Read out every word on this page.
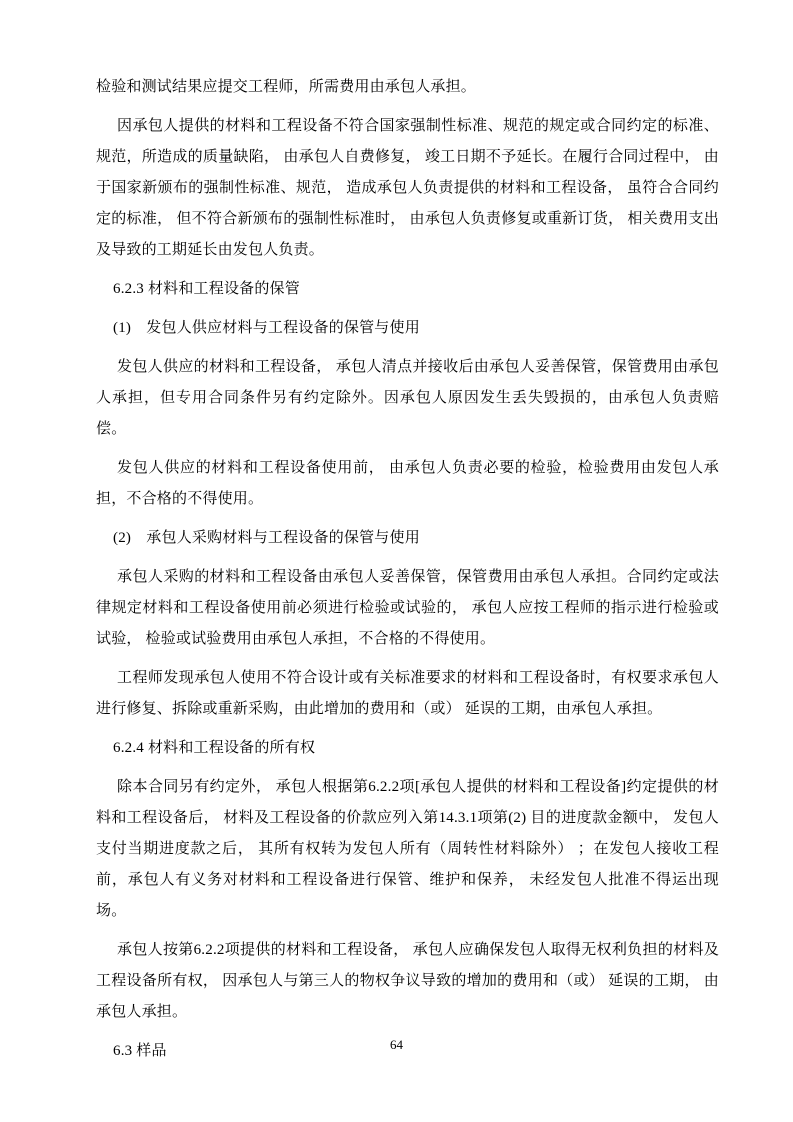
检验和测试结果应提交工程师，所需费用由承包人承担。

因承包人提供的材料和工程设备不符合国家强制性标准、规范的规定或合同约定的标准、规范，所造成的质量缺陷， 由承包人自费修复， 竣工日期不予延长。在履行合同过程中， 由于国家新颁布的强制性标准、规范， 造成承包人负责提供的材料和工程设备， 虽符合合同约定的标准， 但不符合新颁布的强制性标准时， 由承包人负责修复或重新订货， 相关费用支出及导致的工期延长由发包人负责。

6.2.3 材料和工程设备的保管

(1)　发包人供应材料与工程设备的保管与使用

发包人供应的材料和工程设备， 承包人清点并接收后由承包人妥善保管，保管费用由承包人承担，但专用合同条件另有约定除外。因承包人原因发生丢失毁损的，由承包人负责赔偿。

发包人供应的材料和工程设备使用前， 由承包人负责必要的检验，检验费用由发包人承担，不合格的不得使用。

(2)　承包人采购材料与工程设备的保管与使用

承包人采购的材料和工程设备由承包人妥善保管，保管费用由承包人承担。合同约定或法律规定材料和工程设备使用前必须进行检验或试验的， 承包人应按工程师的指示进行检验或试验， 检验或试验费用由承包人承担，不合格的不得使用。

工程师发现承包人使用不符合设计或有关标准要求的材料和工程设备时，有权要求承包人进行修复、拆除或重新采购，由此增加的费用和（或） 延误的工期，由承包人承担。

6.2.4 材料和工程设备的所有权

除本合同另有约定外， 承包人根据第6.2.2项[承包人提供的材料和工程设备]约定提供的材料和工程设备后， 材料及工程设备的价款应列入第14.3.1项第(2) 目的进度款金额中， 发包人支付当期进度款之后， 其所有权转为发包人所有（周转性材料除外） ；在发包人接收工程前，承包人有义务对材料和工程设备进行保管、维护和保养， 未经发包人批准不得运出现场。

承包人按第6.2.2项提供的材料和工程设备， 承包人应确保发包人取得无权利负担的材料及工程设备所有权， 因承包人与第三人的物权争议导致的增加的费用和（或） 延误的工期， 由承包人承担。

6.3 样品	64
